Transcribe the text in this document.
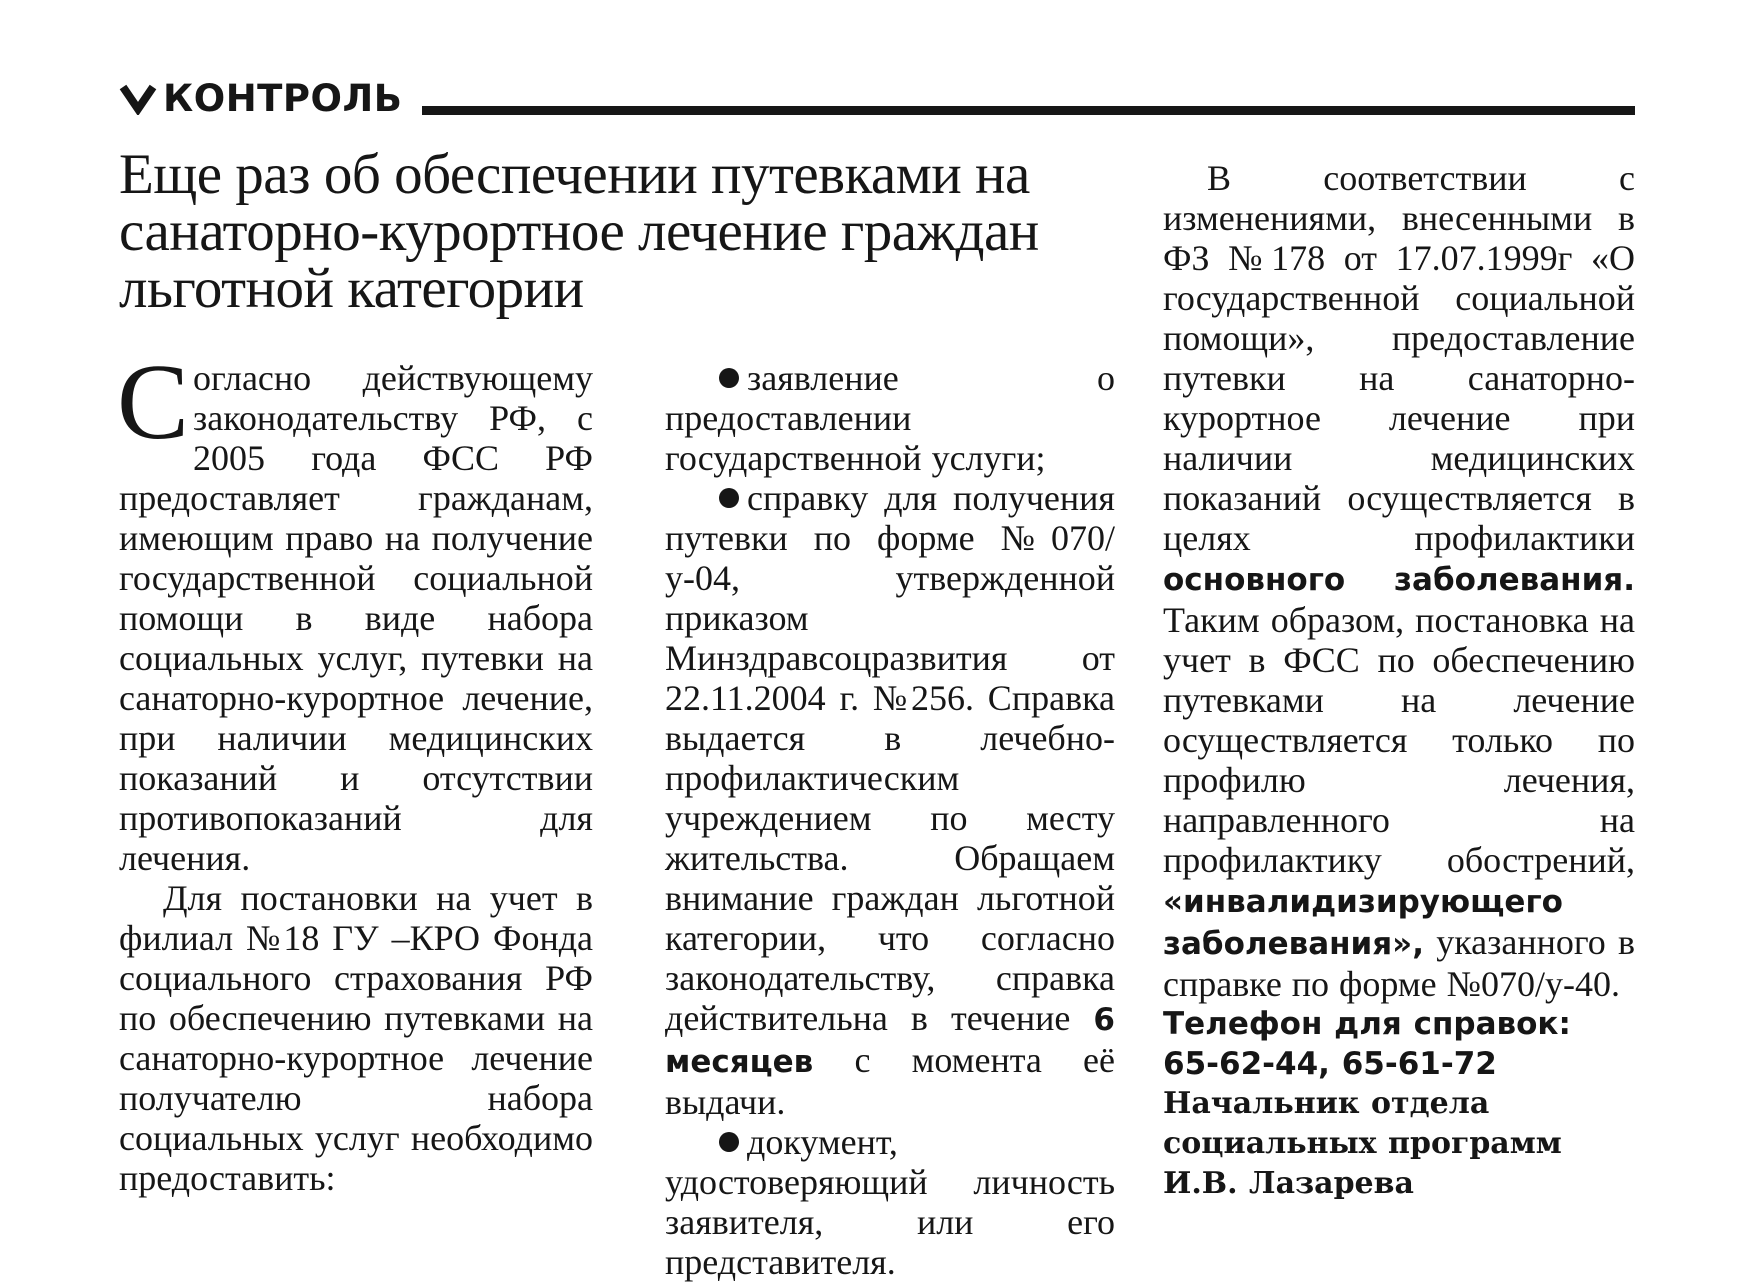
КОНТРОЛЬ
Еще раз об обеспечении путевками на санаторно-курортное лечение граждан льготной категории

Согласно действующему законодательству РФ, с 2005 года ФСС РФ предоставляет гражданам, имеющим право на получение государственной социальной помощи в виде набора социальных услуг, путевки на санаторно-курортное лечение, при наличии медицинских показаний и отсутствии противопоказаний для лечения.

Для постановки на учет в филиал №18 ГУ –КРО Фонда социального страхования РФ по обеспечению путевками на санаторно-курортное лечение получателю набора социальных услуг необходимо предоставить:

заявление о предоставлении государственной услуги;

справку для получения путевки по форме №070/у-04, утвержденной приказом Минздравсоцразвития от 22.11.2004 г. №256. Справка выдается в лечебно-профилактическим учреждением по месту жительства. Обращаем внимание граждан льготной категории, что согласно законодательству, справка действительна в течение 6 месяцев с момента её выдачи.

документ, удостоверяющий личность заявителя, или его представителя.

В соответствии с изменениями, внесенными в ФЗ №178 от 17.07.1999г «О государственной социальной помощи», предоставление путевки на санаторно-курортное лечение при наличии медицинских показаний осуществляется в целях профилактики основного заболевания. Таким образом, постановка на учет в ФСС по обеспечению путевками на лечение осуществляется только по профилю лечения, направленного на профилактику обострений, «инвалидизирующего заболевания», указанного в справке по форме №070/у-40.

Телефон для справок:
65-62-44, 65-61-72
Начальник отдела
социальных программ
И.В. Лазарева
